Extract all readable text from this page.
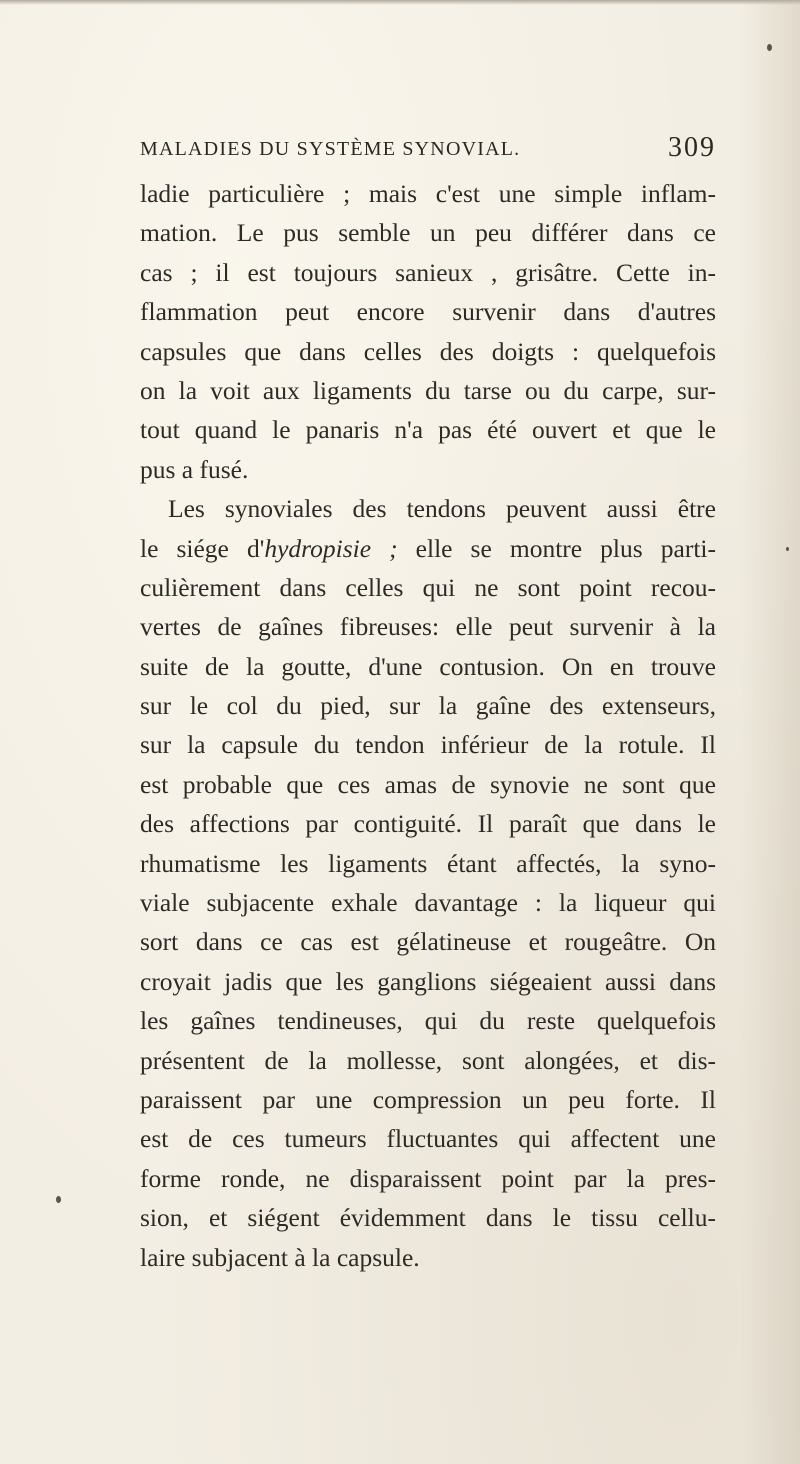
MALADIES DU SYSTÈME SYNOVIAL.	309
ladie particulière ; mais c'est une simple inflam-
mation. Le pus semble un peu différer dans ce
cas ; il est toujours sanieux , grisâtre. Cette in-
flammation peut encore survenir dans d'autres
capsules que dans celles des doigts : quelquefois
on la voit aux ligaments du tarse ou du carpe, sur-
tout quand le panaris n'a pas été ouvert et que le
pus a fusé.
Les synoviales des tendons peuvent aussi être
le siége d'hydropisie ; elle se montre plus parti-
culièrement dans celles qui ne sont point recou-
vertes de gaînes fibreuses: elle peut survenir à la
suite de la goutte, d'une contusion. On en trouve
sur le col du pied, sur la gaîne des extenseurs,
sur la capsule du tendon inférieur de la rotule. Il
est probable que ces amas de synovie ne sont que
des affections par contiguité. Il paraît que dans le
rhumatisme les ligaments étant affectés, la syno-
viale subjacente exhale davantage : la liqueur qui
sort dans ce cas est gélatineuse et rougeâtre. On
croyait jadis que les ganglions siégeaient aussi dans
les gaînes tendineuses, qui du reste quelquefois
présentent de la mollesse, sont alongées, et dis-
paraissent par une compression un peu forte. Il
est de ces tumeurs fluctuantes qui affectent une
forme ronde, ne disparaissent point par la pres-
sion, et siégent évidemment dans le tissu cellu-
laire subjacent à la capsule.
